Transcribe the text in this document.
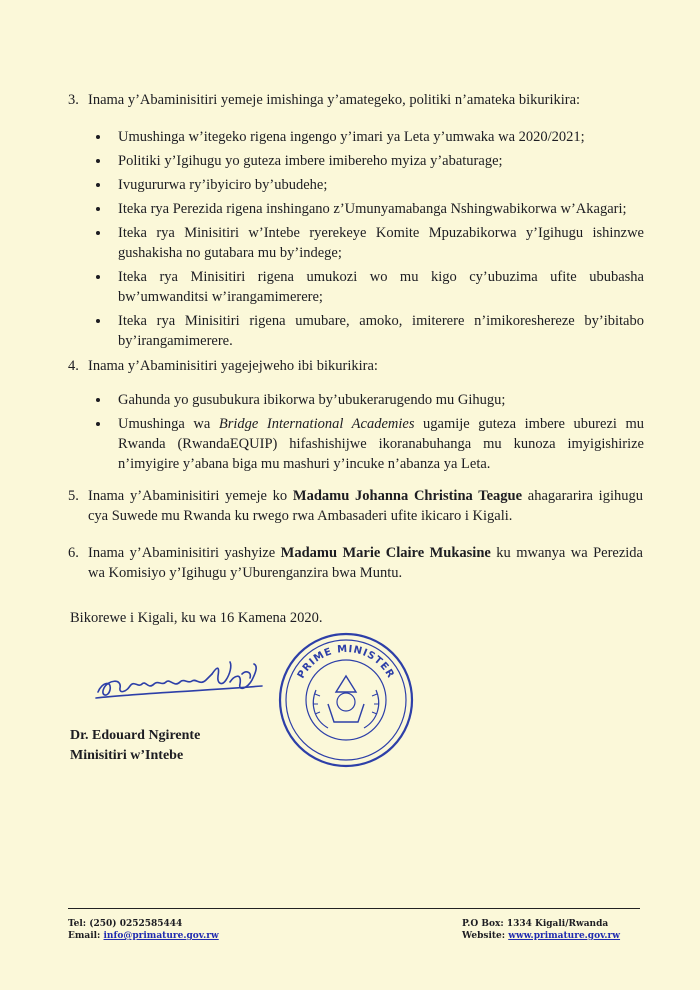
3. Inama y’Abaminisitiri yemeje imishinga y’amategeko, politiki n’amateka bikurikira:
Umushinga w’itegeko rigena ingengo y’imari ya Leta y’umwaka wa 2020/2021;
Politiki y’Igihugu yo guteza imbere imibereho myiza y’abaturage;
Ivugururwa ry’ibyiciro by’ubudehe;
Iteka rya Perezida rigena inshingano z’Umunyamabanga Nshingwabikorwa w’Akagari;
Iteka rya Minisitiri w’Intebe ryerekeye Komite Mpuzabikorwa y’Igihugu ishinzwe gushakisha no gutabara mu by’indege;
Iteka rya Minisitiri rigena umukozi wo mu kigo cy’ubuzima ufite ububasha bw’umwanditsi w’irangamimerere;
Iteka rya Minisitiri rigena umubare, amoko, imiterere n’imikoreshereze by’ibitabo by’irangamimerere.
4. Inama y’Abaminisitiri yagejejweho ibi bikurikira:
Gahunda yo gusubukura ibikorwa by’ubukerarugendo mu Gihugu;
Umushinga wa Bridge International Academies ugamije guteza imbere uburezi mu Rwanda (RwandaEQUIP) hifashishijwe ikoranabuhanga mu kunoza imyigishirize n’imyigire y’abana biga mu mashuri y’incuke n’abanza ya Leta.
5. Inama y’Abaminisitiri yemeje ko Madamu Johanna Christina Teague ahagararira igihugu cya Suwede mu Rwanda ku rwego rwa Ambasaderi ufite ikicaro i Kigali.
6. Inama y’Abaminisitiri yashyize Madamu Marie Claire Mukasine ku mwanya wa Perezida wa Komisiyo y’Igihugu y’Uburenganzira bwa Muntu.
Bikorewe i Kigali, ku wa 16 Kamena 2020.
PRIME MINISTER
Dr. Edouard Ngirente
Minisitiri w’Intebe
Tel: (250) 0252585444
Email: info@primature.gov.rw
P.O Box: 1334 Kigali/Rwanda
Website: www.primature.gov.rw
